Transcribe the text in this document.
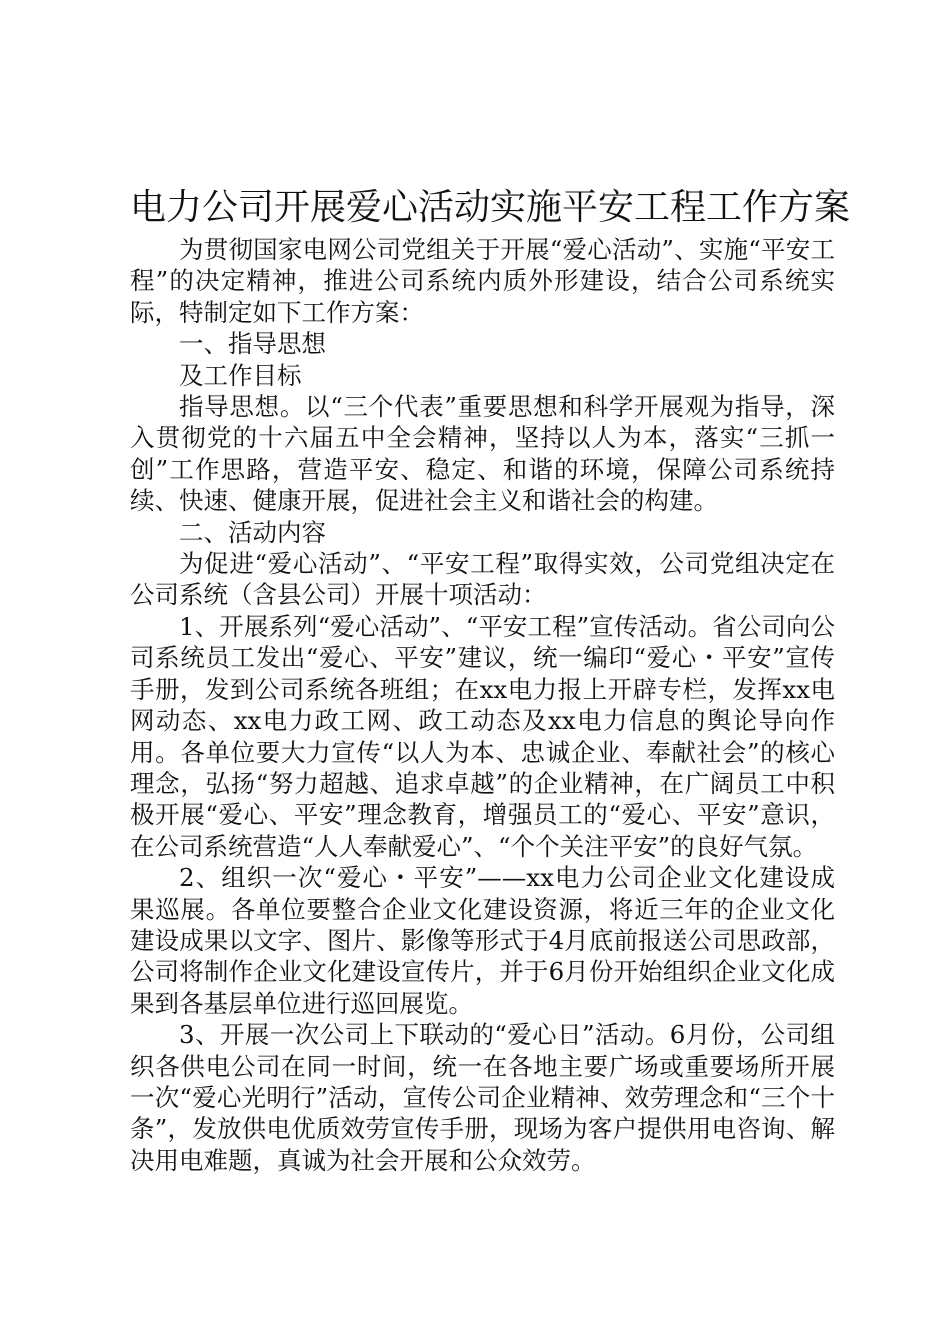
电力公司开展爱心活动实施平安工程工作方案

为贯彻国家电网公司党组关于开展“爱心活动”、实施“平安工程”的决定精神，推进公司系统内质外形建设，结合公司系统实际，特制定如下工作方案：

一、指导思想

及工作目标

指导思想。以“三个代表”重要思想和科学开展观为指导，深入贯彻党的十六届五中全会精神，坚持以人为本，落实“三抓一创”工作思路，营造平安、稳定、和谐的环境，保障公司系统持续、快速、健康开展，促进社会主义和谐社会的构建。

二、活动内容

为促进“爱心活动”、“平安工程”取得实效，公司党组决定在公司系统（含县公司）开展十项活动：

1、开展系列“爱心活动”、“平安工程”宣传活动。省公司向公司系统员工发出“爱心、平安”建议，统一编印“爱心・平安”宣传手册，发到公司系统各班组；在xx电力报上开辟专栏，发挥xx电网动态、xx电力政工网、政工动态及xx电力信息的舆论导向作用。各单位要大力宣传“以人为本、忠诚企业、奉献社会”的核心理念，弘扬“努力超越、追求卓越”的企业精神，在广阔员工中积极开展“爱心、平安”理念教育，增强员工的“爱心、平安”意识，在公司系统营造“人人奉献爱心”、“个个关注平安”的良好气氛。

2、组织一次“爱心・平安”——xx电力公司企业文化建设成果巡展。各单位要整合企业文化建设资源，将近三年的企业文化建设成果以文字、图片、影像等形式于4月底前报送公司思政部，公司将制作企业文化建设宣传片，并于6月份开始组织企业文化成果到各基层单位进行巡回展览。

3、开展一次公司上下联动的“爱心日”活动。6月份，公司组织各供电公司在同一时间，统一在各地主要广场或重要场所开展一次“爱心光明行”活动，宣传公司企业精神、效劳理念和“三个十条”，发放供电优质效劳宣传手册，现场为客户提供用电咨询、解决用电难题，真诚为社会开展和公众效劳。
